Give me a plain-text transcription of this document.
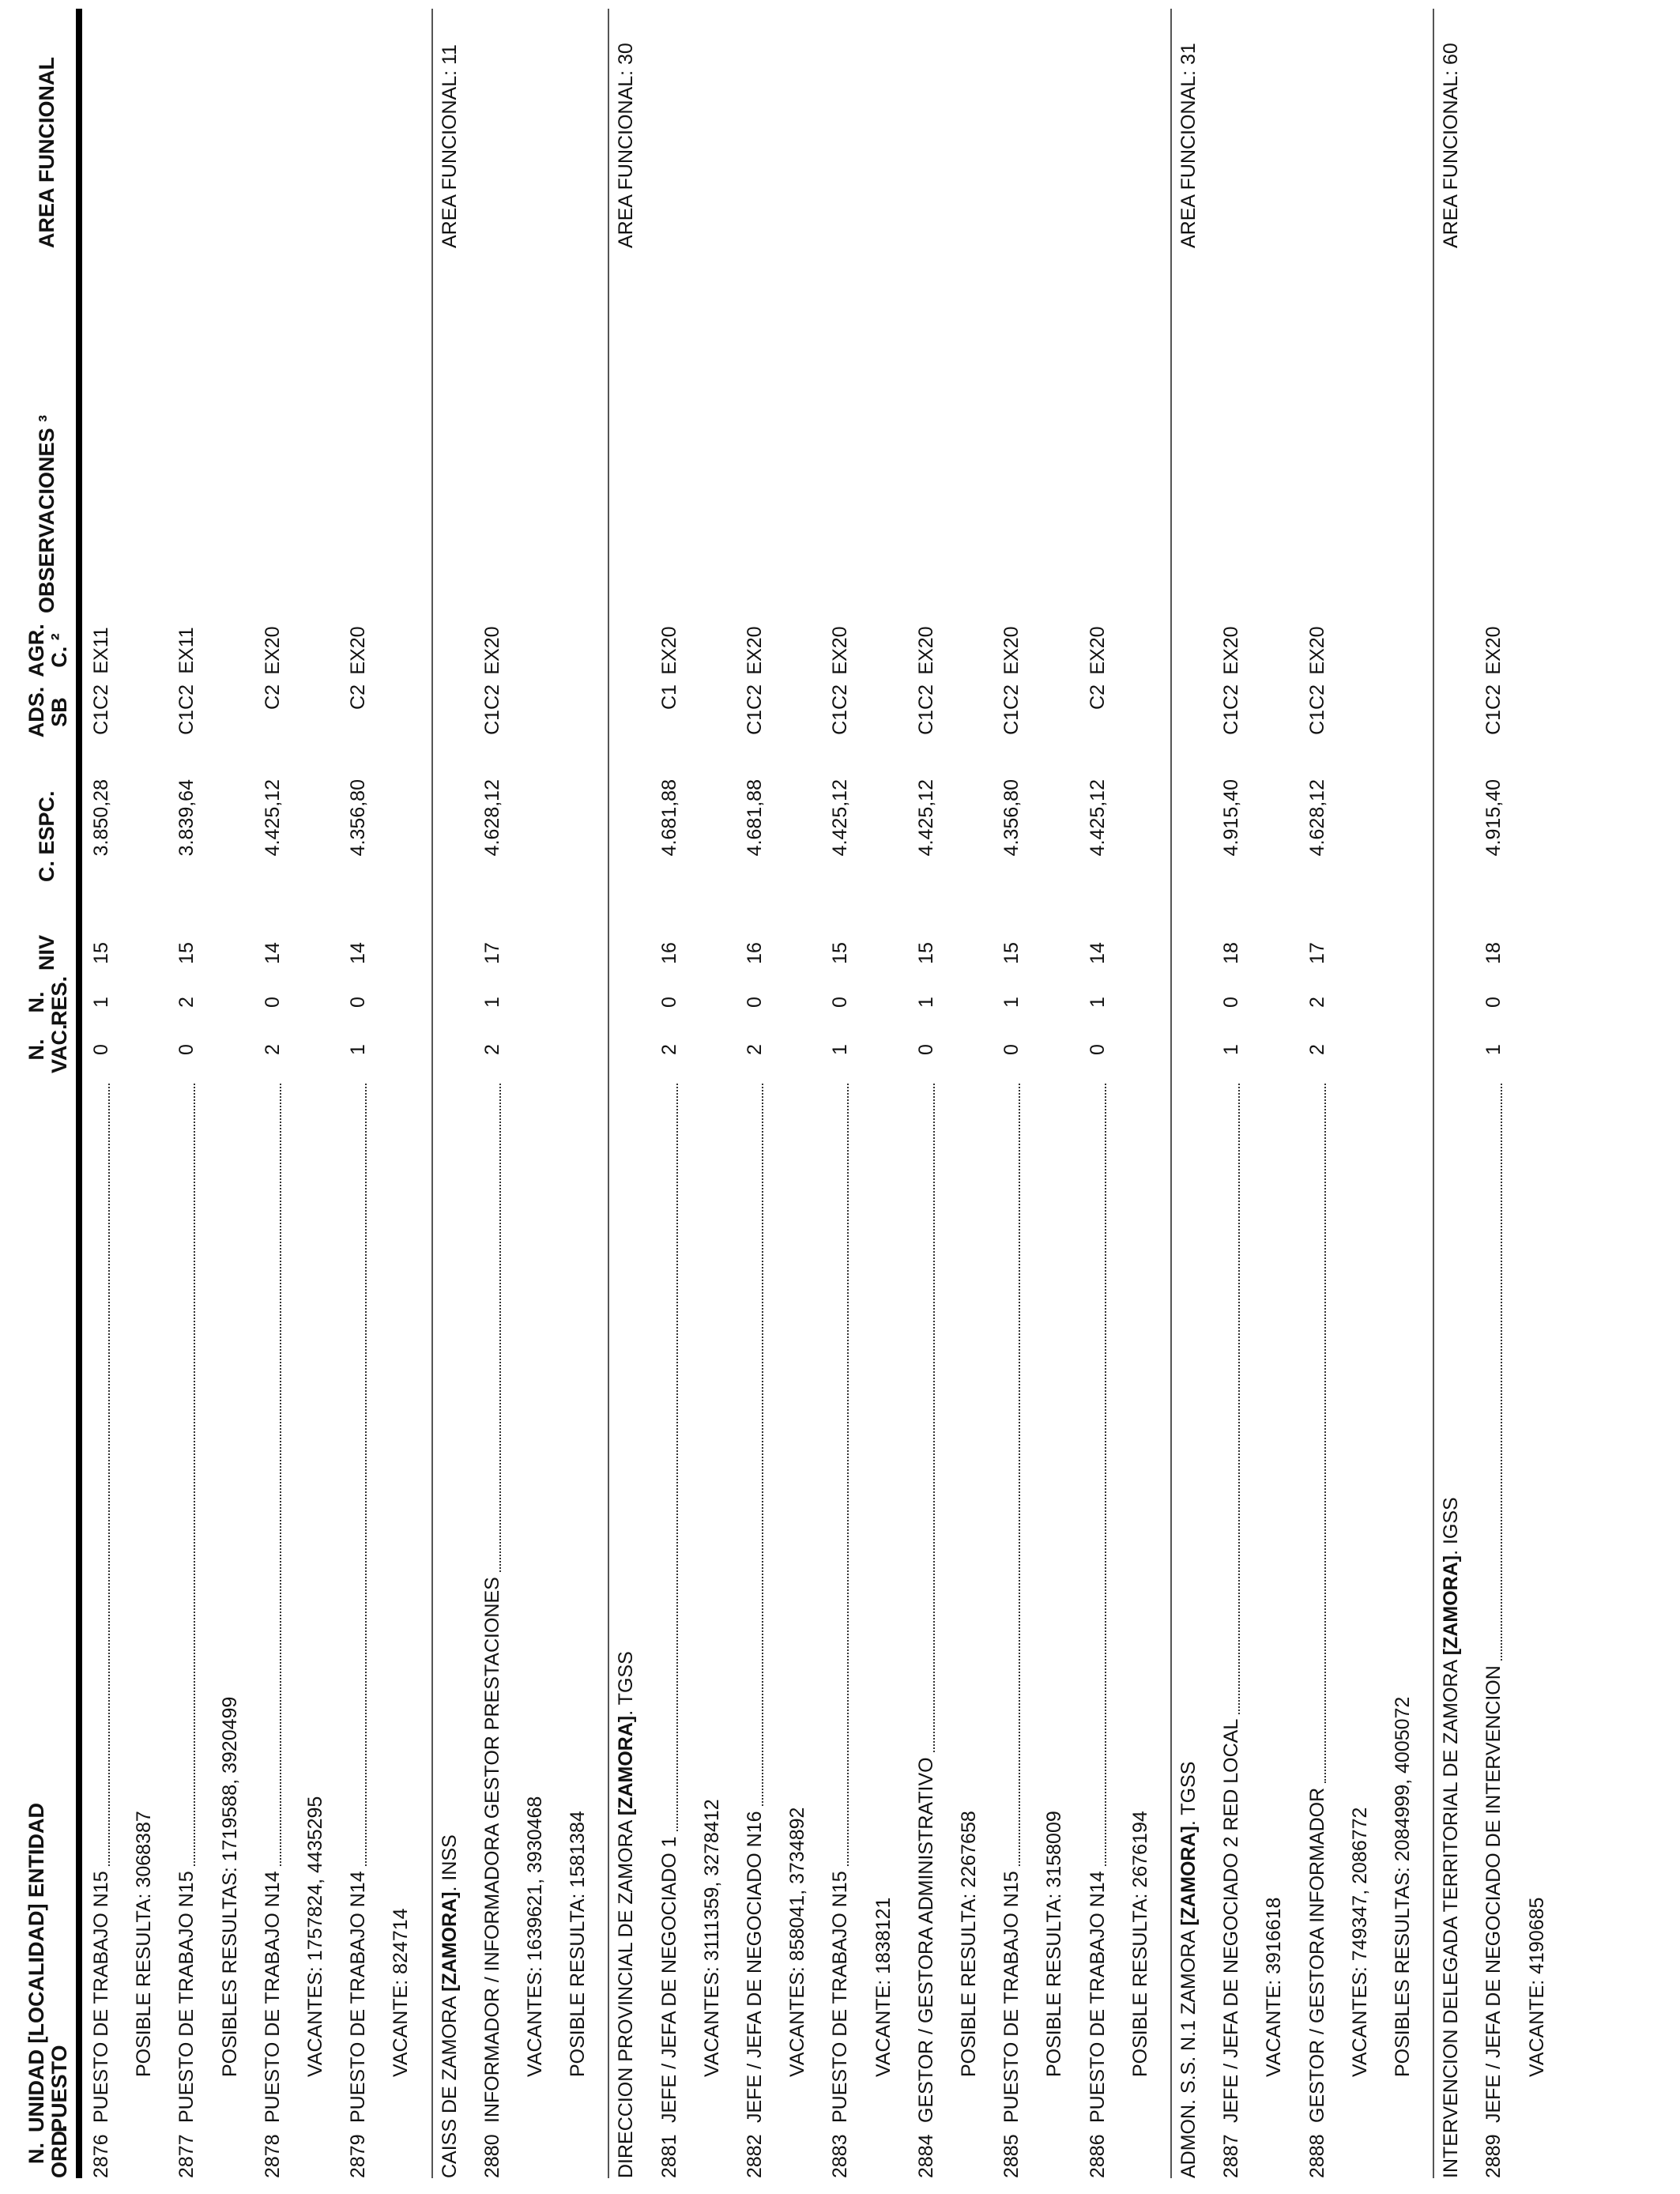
N. ORD.
UNIDAD [LOCALIDAD] ENTIDAD PUESTO
N. VAC.
N. RES.
NIV
C. ESPC.
ADS. SB
AGR. C. ²
OBSERVACIONES ³
AREA FUNCIONAL
2876
PUESTO DE TRABAJO N15
0
1
15
3.850,28
C1C2
EX11
POSIBLE RESULTA: 3068387
2877
PUESTO DE TRABAJO N15
0
2
15
3.839,64
C1C2
EX11
POSIBLES RESULTAS: 1719588, 3920499
2878
PUESTO DE TRABAJO N14
2
0
14
4.425,12
C2
EX20
VACANTES: 1757824, 4435295
2879
PUESTO DE TRABAJO N14
1
0
14
4.356,80
C2
EX20
VACANTE: 824714 CAISS DE ZAMORA [ZAMORA]. INSS
AREA FUNCIONAL: 11
2880
INFORMADOR / INFORMADORA GESTOR PRESTACIONES
2
1
17
4.628,12
C1C2
EX20
VACANTES: 1639621, 3930468 POSIBLE RESULTA: 1581384 DIRECCION PROVINCIAL DE ZAMORA [ZAMORA]. TGSS
AREA FUNCIONAL: 30
2881
JEFE / JEFA DE NEGOCIADO 1
2
0
16
4.681,88
C1
EX20
VACANTES: 3111359, 3278412
2882
JEFE / JEFA DE NEGOCIADO N16
2
0
16
4.681,88
C1C2
EX20
VACANTES: 858041, 3734892
2883
PUESTO DE TRABAJO N15
1
0
15
4.425,12
C1C2
EX20
VACANTE: 1838121
2884
GESTOR / GESTORA ADMINISTRATIVO
0
1
15
4.425,12
C1C2
EX20
POSIBLE RESULTA: 2267658
2885
PUESTO DE TRABAJO N15
0
1
15
4.356,80
C1C2
EX20
POSIBLE RESULTA: 3158009
2886
PUESTO DE TRABAJO N14
0
1
14
4.425,12
C2
EX20
POSIBLE RESULTA: 2676194 ADMON. S.S. N.1 ZAMORA [ZAMORA]. TGSS
AREA FUNCIONAL: 31
2887
JEFE / JEFA DE NEGOCIADO 2 RED LOCAL
1
0
18
4.915,40
C1C2
EX20
VACANTE: 3916618
2888
GESTOR / GESTORA INFORMADOR
2
2
17
4.628,12
C1C2
EX20
VACANTES: 749347, 2086772 POSIBLES RESULTAS: 2084999, 4005072 INTERVENCION DELEGADA TERRITORIAL DE ZAMORA [ZAMORA]. IGSS
AREA FUNCIONAL: 60
2889
JEFE / JEFA DE NEGOCIADO DE INTERVENCION
1
0
18
4.915,40
C1C2
EX20
VACANTE: 4190685
